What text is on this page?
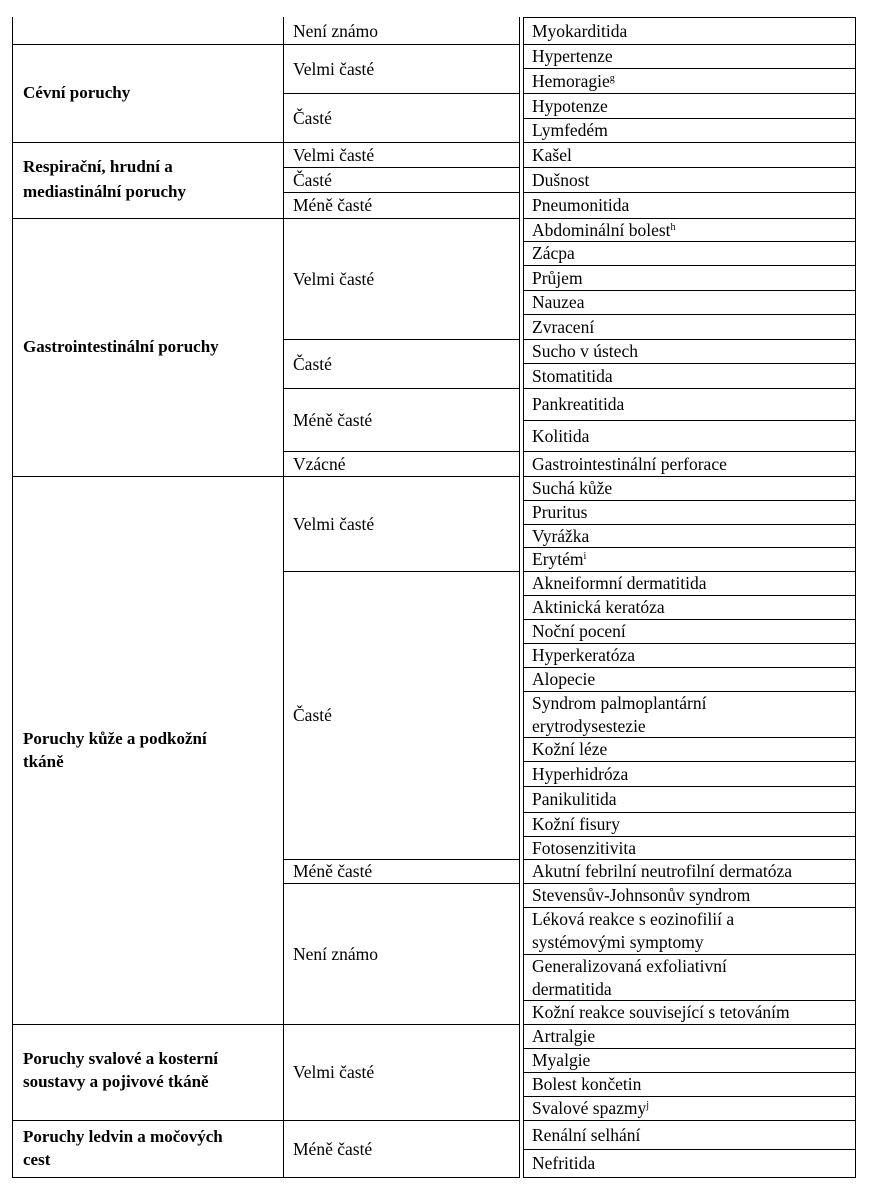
Myokarditida
Není známo
Hypertenze
Hemoragie$^g$
Velmi časté
Hypotenze
Lymfedém
Časté
Cévní poruchy
Kašel
Velmi časté
Dušnost
Časté
Pneumonitida
Méně časté
Respirační, hrudní a
mediastinální poruchy
Abdominální bolest$^h$
Zácpa
Průjem
Nauzea
Zvracení
Velmi časté
Sucho v ústech
Stomatitida
Časté
Pankreatitida
Kolitida
Méně časté
Gastrointestinální perforace
Vzácné
Gastrointestinální poruchy
Suchá kůže
Pruritus
Vyrážka
Erytém$^i$
Velmi časté
Akneiformní dermatitida
Aktinická keratóza
Noční pocení
Hyperkeratóza
Alopecie
Syndrom palmoplantární
erytrodysestezie
Kožní léze
Hyperhidróza
Panikulitida
Kožní fisury
Fotosenzitivita
Časté
Akutní febrilní neutrofilní dermatóza
Méně časté
Stevensův-Johnsonův syndrom
Léková reakce s eozinofilií a
systémovými symptomy
Generalizovaná exfoliativní
dermatitida
Kožní reakce související s tetováním
Není známo
Poruchy kůže a podkožní
tkáně
Artralgie
Myalgie
Bolest končetin
Svalové spazmy$^j$
Velmi časté
Poruchy svalové a kosterní
soustavy a pojivové tkáně
Renální selhání
Nefritida
Méně časté
Poruchy ledvin a močových
cest
